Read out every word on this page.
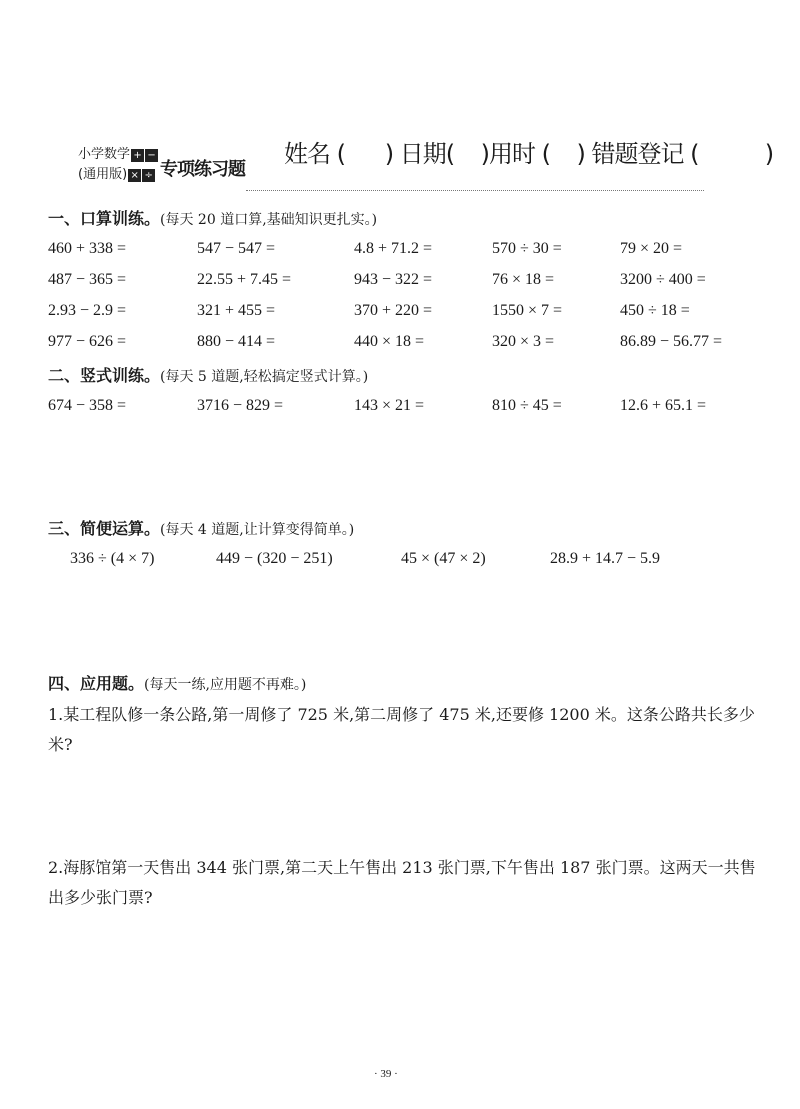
小学数学 + −
(通用版) × ÷ 专项练习题
姓名 (      ) 日期(    )用时 (    ) 错题登记 (          )
一、口算训练。(每天 20 道口算,基础知识更扎实。)
460 + 338 =	547 − 547 =	4.8 + 71.2 =	570 ÷ 30 =	79 × 20 =
487 − 365 =	22.55 + 7.45 =	943 − 322 =	76 × 18 =	3200 ÷ 400 =
2.93 − 2.9 =	321 + 455 =	370 + 220 =	1550 × 7 =	450 ÷ 18 =
977 − 626 =	880 − 414 =	440 × 18 =	320 × 3 =	86.89 − 56.77 =
二、竖式训练。(每天 5 道题,轻松搞定竖式计算。)
674 − 358 =	3716 − 829 =	143 × 21 =	810 ÷ 45 =	12.6 + 65.1 =
三、简便运算。(每天 4 道题,让计算变得简单。)
336 ÷ (4 × 7)	449 − (320 − 251)	45 × (47 × 2)	28.9 + 14.7 − 5.9
四、应用题。(每天一练,应用题不再难。)
1.某工程队修一条公路,第一周修了 725 米,第二周修了 475 米,还要修 1200 米。这条公路共长多少米?
2.海豚馆第一天售出 344 张门票,第二天上午售出 213 张门票,下午售出 187 张门票。这两天一共售出多少张门票?
· 39 ·
